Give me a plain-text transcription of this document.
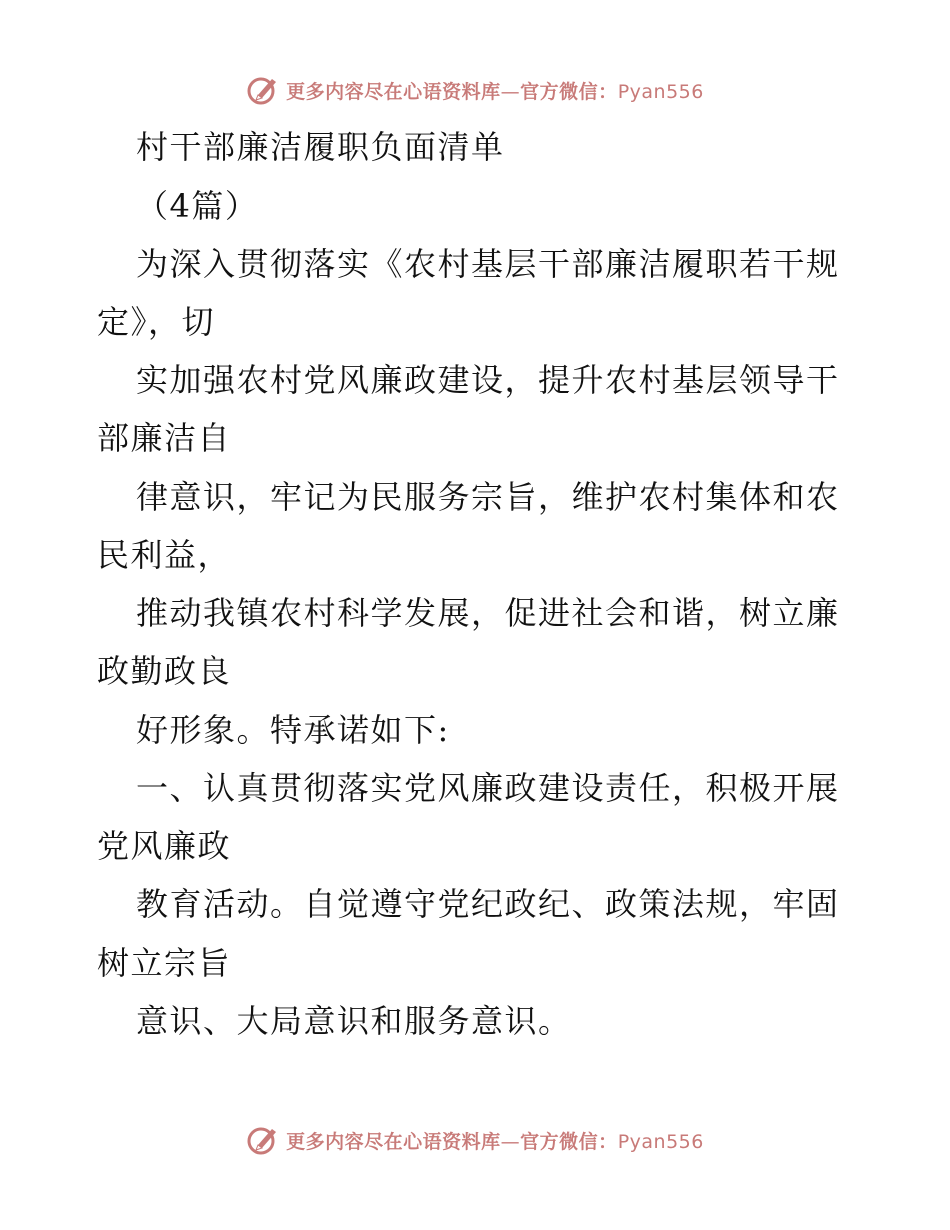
更多内容尽在心语资料库—官方微信：Pyan556
村干部廉洁履职负面清单
（4篇）
为深入贯彻落实《农村基层干部廉洁履职若干规
定》，切
实加强农村党风廉政建设，提升农村基层领导干
部廉洁自
律意识，牢记为民服务宗旨，维护农村集体和农
民利益，
推动我镇农村科学发展，促进社会和谐，树立廉
政勤政良
好形象。特承诺如下:
一、认真贯彻落实党风廉政建设责任，积极开展
党风廉政
教育活动。自觉遵守党纪政纪、政策法规，牢固
树立宗旨
意识、大局意识和服务意识。
更多内容尽在心语资料库—官方微信：Pyan556
